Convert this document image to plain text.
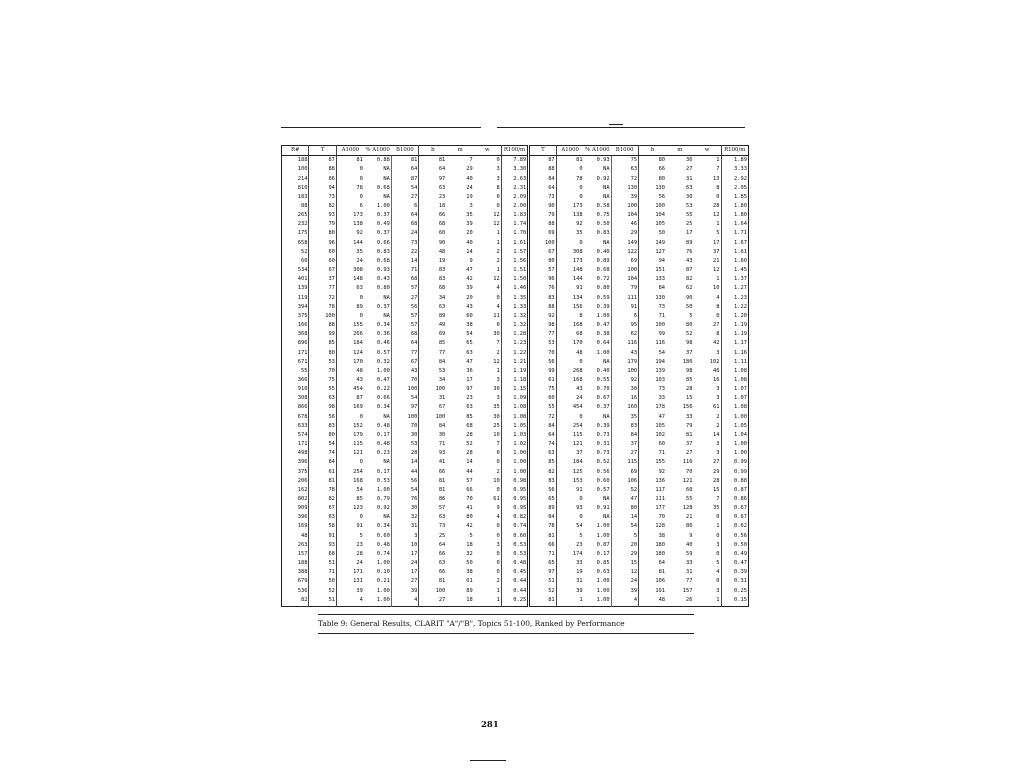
R#	T	A1000	% A1000	B1000	b	m	w	R100/m	T	A1000	% A1000	B1000	b	m	w	R100/m
188	87	81	0.88	81	81	7	0	7.89	87	81	0.93	75	80	36	1	1.89
100	88	0	NA	64	64	29	3	3.30	88	0	NA	63	66	27	7	3.33
214	86	0	NA	87	97	40	3	2.63	84	78	0.92	72	80	31	13	2.92
810	94	78	0.68	54	63	24	8	2.31	64	0	NA	130	130	63	8	2.05
183	73	0	NA	27	23	19	0	2.09	73	0	NA	39	56	30	0	1.85
88	82	6	1.00	6	18	3	0	2.00	90	173	0.58	100	100	53	28	1.80
265	93	173	0.37	64	66	35	12	1.83	79	138	0.75	104	104	55	12	1.80
232	79	138	0.49	68	68	39	12	1.74	88	92	0.50	46	105	25	1	1.64
175	80	92	0.37	24	60	20	1	1.70	69	35	0.83	29	50	17	5	1.71
658	96	144	0.66	73	90	40	1	1.61	100	0	NA	149	149	89	17	1.67
52	60	35	0.83	22	48	14	2	1.57	67	308	0.40	122	127	76	37	1.61
60	60	24	0.68	14	19	9	2	1.56	80	173	0.89	69	94	43	21	1.60
534	67	308	0.93	71	83	47	1	1.51	57	148	0.68	100	151	87	12	1.45
401	37	148	0.43	68	83	42	12	1.50	96	144	0.72	104	133	82	1	1.37
139	77	63	0.80	57	68	39	4	1.46	76	91	0.80	79	84	62	10	1.27
119	72	0	NA	27	34	20	0	1.35	83	134	0.59	111	130	90	4	1.23
394	78	89	0.37	56	63	43	4	1.33	88	156	0.39	91	73	50	8	1.22
375	100	0	NA	57	89	60	11	1.32	92	8	1.00	6	71	5	0	1.20
166	88	155	0.34	57	49	38	0	1.32	98	168	0.47	95	100	80	27	1.19
368	99	266	0.36	68	69	54	30	1.28	77	68	0.38	62	99	52	8	1.19
896	85	184	0.46	64	85	65	7	1.23	53	170	0.64	116	116	98	42	1.17
171	80	124	0.57	77	77	63	2	1.22	70	48	1.00	43	54	37	3	1.16
671	53	170	0.32	67	84	47	12	1.21	56	0	NA	179	194	180	102	1.11
55	70	48	1.00	43	53	36	1	1.19	99	268	0.40	100	139	98	46	1.08
366	75	43	0.47	70	34	17	3	1.18	61	168	0.55	92	103	85	16	1.08
910	55	454	0.22	100	100	97	30	1.15	75	43	0.70	30	73	28	3	1.07
308	63	87	0.66	54	31	23	3	1.09	60	24	0.67	16	33	15	3	1.07
866	98	169	0.34	97	67	63	35	1.08	55	454	0.37	160	178	156	61	1.08
678	56	0	NA	100	100	85	30	1.08	72	0	NA	35	47	33	2	1.00
633	83	152	0.48	70	84	68	25	1.05	84	254	0.39	83	105	79	2	1.05
574	80	179	0.17	30	30	28	10	1.03	64	115	0.73	84	102	81	14	1.04
171	54	115	0.48	53	71	52	7	1.02	74	121	0.31	37	60	37	3	1.00
498	74	121	0.23	28	93	28	0	1.00	63	37	0.73	27	71	27	3	1.00
396	84	0	NA	14	41	14	0	1.00	85	184	0.52	115	155	116	27	0.99
375	61	254	0.17	44	66	44	2	1.00	82	125	0.56	69	92	70	29	0.99
206	81	168	0.53	56	81	57	10	0.98	83	153	0.60	106	136	121	28	0.88
162	78	54	1.00	54	81	66	0	0.95	56	91	0.57	52	117	60	15	0.87
802	82	85	0.79	76	86	70	61	0.95	65	0	NA	47	111	55	7	0.86
909	67	123	0.92	30	57	41	9	0.95	89	93	0.91	80	177	128	35	0.67
396	63	0	NA	32	63	80	4	0.82	84	0	NA	14	70	21	0	0.67
169	58	91	0.34	31	73	42	0	0.74	78	54	1.00	54	128	86	1	0.62
48	91	5	0.60	3	25	5	0	0.60	81	5	1.00	5	38	9	0	0.56
263	93	23	0.48	10	64	18	3	0.53	66	23	0.87	20	180	40	3	0.50
157	68	28	0.74	17	66	32	0	0.53	71	174	0.17	29	180	59	0	0.49
188	51	24	1.00	24	63	50	0	0.48	65	33	0.85	15	64	33	5	0.47
388	71	171	0.10	17	66	38	0	0.45	97	19	0.63	12	81	31	4	0.39
679	50	131	0.21	27	81	61	2	0.44	51	31	1.00	24	106	77	0	0.31
536	52	39	1.00	39	100	89	1	0.44	52	39	1.00	39	191	157	3	0.25
82	51	4	1.00	4	27	18	1	0.25	81	1	1.00	4	48	26	1	0.15
Table 9: General Results, CLARIT "A"/"B", Topics 51-100, Ranked by Performance
281
